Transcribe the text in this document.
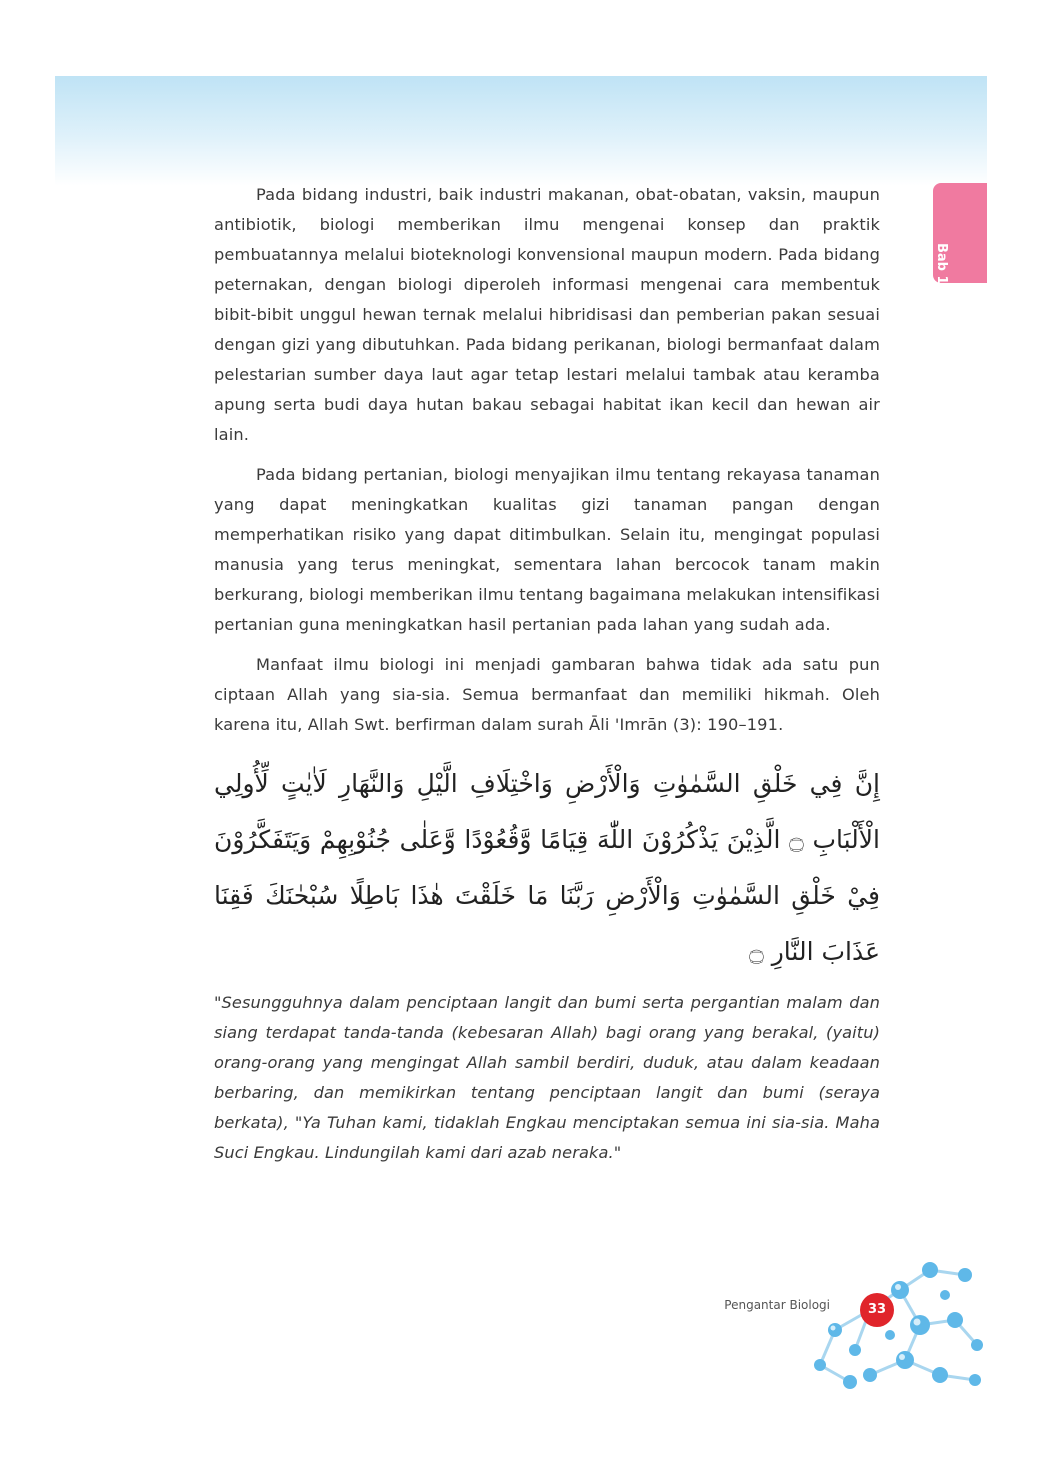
Bab 1

Pada bidang industri, baik industri makanan, obat-obatan, vaksin, maupun antibiotik, biologi memberikan ilmu mengenai konsep dan praktik pembuatannya melalui bioteknologi konvensional maupun modern. Pada bidang peternakan, dengan biologi diperoleh informasi mengenai cara membentuk bibit-bibit unggul hewan ternak melalui hibridisasi dan pemberian pakan sesuai dengan gizi yang dibutuhkan. Pada bidang perikanan, biologi bermanfaat dalam pelestarian sumber daya laut agar tetap lestari melalui tambak atau keramba apung serta budi daya hutan bakau sebagai habitat ikan kecil dan hewan air lain.

Pada bidang pertanian, biologi menyajikan ilmu tentang rekayasa tanaman yang dapat meningkatkan kualitas gizi tanaman pangan dengan memperhatikan risiko yang dapat ditimbulkan. Selain itu, mengingat populasi manusia yang terus meningkat, sementara lahan bercocok tanam makin berkurang, biologi memberikan ilmu tentang bagaimana melakukan intensifikasi pertanian guna meningkatkan hasil pertanian pada lahan yang sudah ada.

Manfaat ilmu biologi ini menjadi gambaran bahwa tidak ada satu pun ciptaan Allah yang sia-sia. Semua bermanfaat dan memiliki hikmah. Oleh karena itu, Allah Swt. berfirman dalam surah Āli 'Imrān (3): 190–191.

إِنَّ فِي خَلْقِ السَّمٰوٰتِ وَالْأَرْضِ وَاخْتِلَافِ الَّيْلِ وَالنَّهَارِ لَاٰيٰتٍ لِّأُولِي الْأَلْبَابِ ۝ الَّذِيْنَ يَذْكُرُوْنَ اللّٰهَ قِيَامًا وَّقُعُوْدًا وَّعَلٰى جُنُوْبِهِمْ وَيَتَفَكَّرُوْنَ فِيْ خَلْقِ السَّمٰوٰتِ وَالْأَرْضِ رَبَّنَا مَا خَلَقْتَ هٰذَا بَاطِلًا سُبْحٰنَكَ فَقِنَا عَذَابَ النَّارِ ۝

"Sesungguhnya dalam penciptaan langit dan bumi serta pergantian malam dan siang terdapat tanda-tanda (kebesaran Allah) bagi orang yang berakal, (yaitu) orang-orang yang mengingat Allah sambil berdiri, duduk, atau dalam keadaan berbaring, dan memikirkan tentang penciptaan langit dan bumi (seraya berkata), "Ya Tuhan kami, tidaklah Engkau menciptakan semua ini sia-sia. Maha Suci Engkau. Lindungilah kami dari azab neraka."

Pengantar Biologi	33
